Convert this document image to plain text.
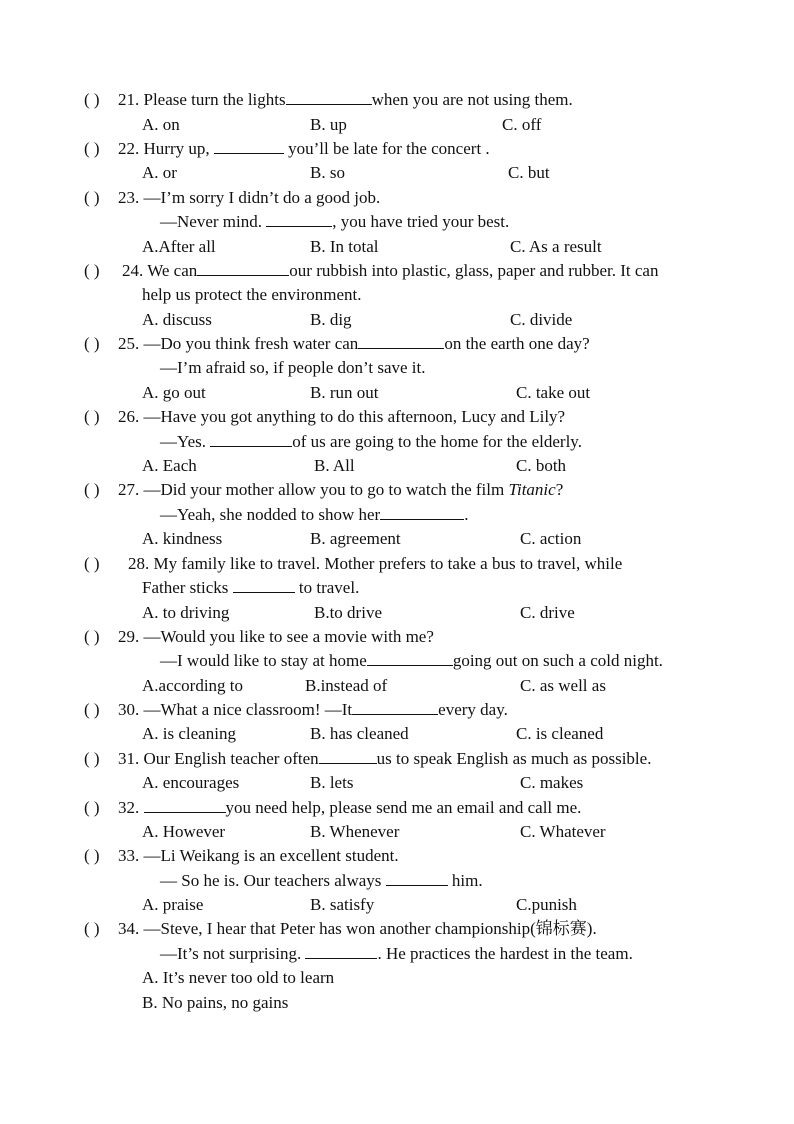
( ) 21. Please turn the lights	when you are not using them.
A. on	B. up	C. off
( ) 22. Hurry up,	you’ll be late for the concert .
A. or	B. so	C. but
( ) 23. —I’m sorry I didn’t do a good job.
—Never mind.	, you have tried your best.
A.After all	B. In total	C. As a result
( ) 24. We can	our rubbish into plastic, glass, paper and rubber. It can
help us protect the environment.
A. discuss	B. dig	C. divide
( ) 25. —Do you think fresh water can	on the earth one day?
—I’m afraid so, if people don’t save it.
A. go out	B. run out	C. take out
( ) 26. —Have you got anything to do this afternoon, Lucy and Lily?
—Yes.	of us are going to the home for the elderly.
A. Each	B. All	C. both
( ) 27. —Did your mother allow you to go to watch the film Titanic?
—Yeah, she nodded to show her	.
A. kindness	B. agreement	C. action
( ) 28. My family like to travel. Mother prefers to take a bus to travel, while
Father sticks	to travel.
A. to driving	B.to drive	C. drive
( ) 29. —Would you like to see a movie with me?
—I would like to stay at home	going out on such a cold night.
A.according to	B.instead of	C. as well as
( ) 30. —What a nice classroom! —It	every day.
A. is cleaning	B. has cleaned	C. is cleaned
( ) 31. Our English teacher often	us to speak English as much as possible.
A. encourages	B. lets	C. makes
( ) 32.	you need help, please send me an email and call me.
A. However	B. Whenever	C. Whatever
( ) 33. —Li Weikang is an excellent student.
— So he is. Our teachers always	him.
A. praise	B. satisfy	C.punish
( ) 34. —Steve, I hear that Peter has won another championship(锦标赛).
—It’s not surprising.	. He practices the hardest in the team.
A. It’s never too old to learn
B. No pains, no gains
